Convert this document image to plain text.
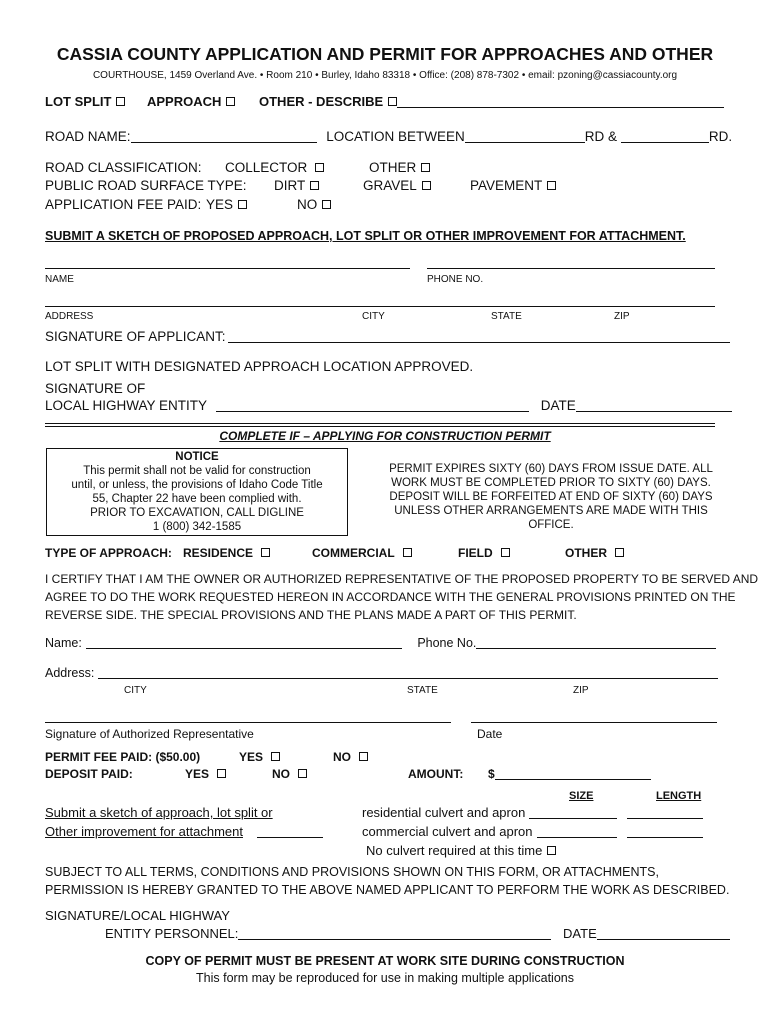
CASSIA COUNTY APPLICATION AND PERMIT FOR APPROACHES AND OTHER
COURTHOUSE, 1459 Overland Ave. • Room 210 • Burley, Idaho 83318 • Office: (208) 878-7302 • email: pzoning@cassiacounty.org
LOT SPLIT	APPROACH	OTHER - DESCRIBE
ROAD NAME:	LOCATION BETWEEN	RD &	RD.
ROAD CLASSIFICATION: COLLECTOR	OTHER
PUBLIC ROAD SURFACE TYPE: DIRT	GRAVEL	PAVEMENT
APPLICATION FEE PAID: YES	NO
SUBMIT A SKETCH OF PROPOSED APPROACH, LOT SPLIT OR OTHER IMPROVEMENT FOR ATTACHMENT.
NAME	PHONE NO.
ADDRESS	CITY	STATE	ZIP
SIGNATURE OF APPLICANT:
LOT SPLIT WITH DESIGNATED APPROACH LOCATION APPROVED.
SIGNATURE OF
LOCAL HIGHWAY ENTITY	DATE
COMPLETE IF – APPLYING FOR CONSTRUCTION PERMIT
NOTICE
This permit shall not be valid for construction
until, or unless, the provisions of Idaho Code Title
55, Chapter 22 have been complied with.
PRIOR TO EXCAVATION, CALL DIGLINE
1 (800) 342-1585
PERMIT EXPIRES SIXTY (60) DAYS FROM ISSUE DATE. ALL
WORK MUST BE COMPLETED PRIOR TO SIXTY (60) DAYS.
DEPOSIT WILL BE FORFEITED AT END OF SIXTY (60) DAYS
UNLESS OTHER ARRANGEMENTS ARE MADE WITH THIS
OFFICE.
TYPE OF APPROACH: RESIDENCE	COMMERCIAL	FIELD	OTHER
I CERTIFY THAT I AM THE OWNER OR AUTHORIZED REPRESENTATIVE OF THE PROPOSED PROPERTY TO BE SERVED AND
AGREE TO DO THE WORK REQUESTED HEREON IN ACCORDANCE WITH THE GENERAL PROVISIONS PRINTED ON THE
REVERSE SIDE. THE SPECIAL PROVISIONS AND THE PLANS MADE A PART OF THIS PERMIT.
Name:	Phone No.
Address:
CITY	STATE	ZIP
Signature of Authorized Representative	Date
PERMIT FEE PAID: ($50.00)	YES	NO
DEPOSIT PAID:	YES	NO	AMOUNT: $
SIZE	LENGTH
Submit a sketch of approach, lot split or
Other improvement for attachment
residential culvert and apron
commercial culvert and apron
No culvert required at this time
SUBJECT TO ALL TERMS, CONDITIONS AND PROVISIONS SHOWN ON THIS FORM, OR ATTACHMENTS,
PERMISSION IS HEREBY GRANTED TO THE ABOVE NAMED APPLICANT TO PERFORM THE WORK AS DESCRIBED.
SIGNATURE/LOCAL HIGHWAY
ENTITY PERSONNEL:	DATE
COPY OF PERMIT MUST BE PRESENT AT WORK SITE DURING CONSTRUCTION
This form may be reproduced for use in making multiple applications
